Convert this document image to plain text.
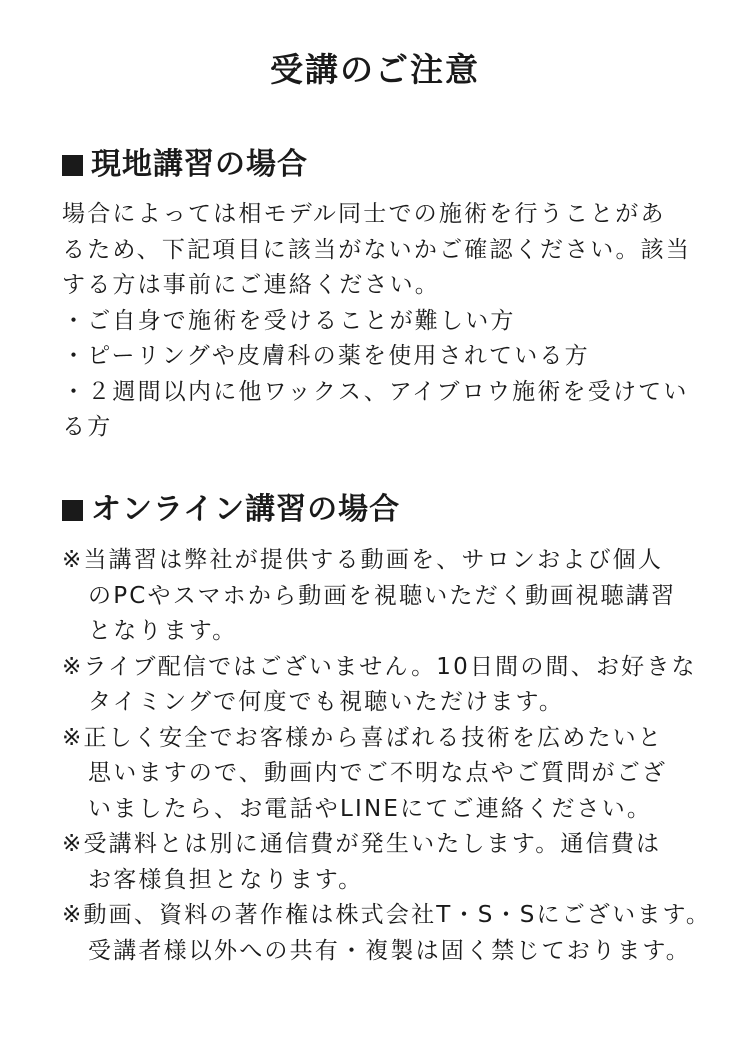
受講のご注意
現地講習の場合
場合によっては相モデル同士での施術を行うことがあ
るため、下記項目に該当がないかご確認ください。該当
する方は事前にご連絡ください。
・ご自身で施術を受けることが難しい方
・ピーリングや皮膚科の薬を使用されている方
・２週間以内に他ワックス、アイブロウ施術を受けてい
る方
オンライン講習の場合
※当講習は弊社が提供する動画を、サロンおよび個人
のPCやスマホから動画を視聴いただく動画視聴講習
となります。
※ライブ配信ではございません。10日間の間、お好きな
タイミングで何度でも視聴いただけます。
※正しく安全でお客様から喜ばれる技術を広めたいと
思いますので、動画内でご不明な点やご質問がござ
いましたら、お電話やLINEにてご連絡ください。
※受講料とは別に通信費が発生いたします。通信費は
お客様負担となります。
※動画、資料の著作権は株式会社T・S・Sにございます。
受講者様以外への共有・複製は固く禁じております。
